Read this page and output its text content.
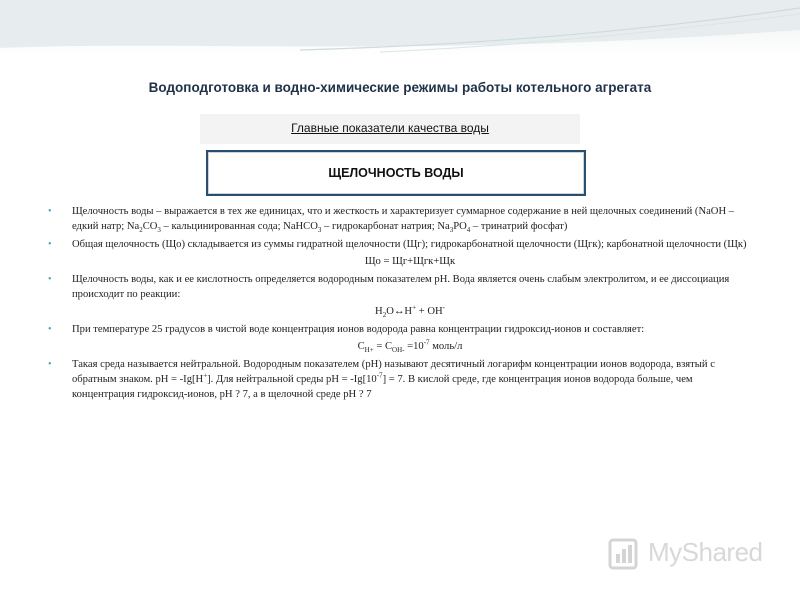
Водоподготовка и водно-химические режимы работы котельного агрегата
Главные показатели качества воды
ЩЕЛОЧНОСТЬ ВОДЫ
• Щелочность воды – выражается в тех же единицах, что и жесткость и характеризует суммарное содержание в ней щелочных соединений (NaOH – едкий натр; $Na_2CO_3$ – кальцинированная сода; NaHCO$_3$ – гидрокарбонат натрия; $Na_3PO_4$ – тринатрий фосфат)
• Общая щелочность (Що) складывается из суммы гидратной щелочности (Щг); гидрокарбонатной щелочности (Щгк); карбонатной щелочности (Щк)
Що = Щг+Щгк+Щк
• Щелочность воды, как и ее кислотность определяется водородным показателем pH. Вода является очень слабым электролитом, и ее диссоциация происходит по реакции:
$H_2O\leftrightarrow H^+ + OH^-$
• При температуре 25 градусов в чистой воде концентрация ионов водорода равна концентрации гидроксид-ионов и составляет:
$C_{H+} = C_{OH-} =10^{-7}$ моль/л
• Такая среда называется нейтральной. Водородным показателем (pH) называют десятичный логарифм концентрации ионов водорода, взятый с обратным знаком. pH = -Ig[H+]. Для нейтральной среды pH = $-Ig[10^{-7}] = 7$. В кислой среде, где концентрация ионов водорода больше, чем концентрация гидроксид-ионов, pH ? 7, а в щелочной среде pH ? 7
MyShared
